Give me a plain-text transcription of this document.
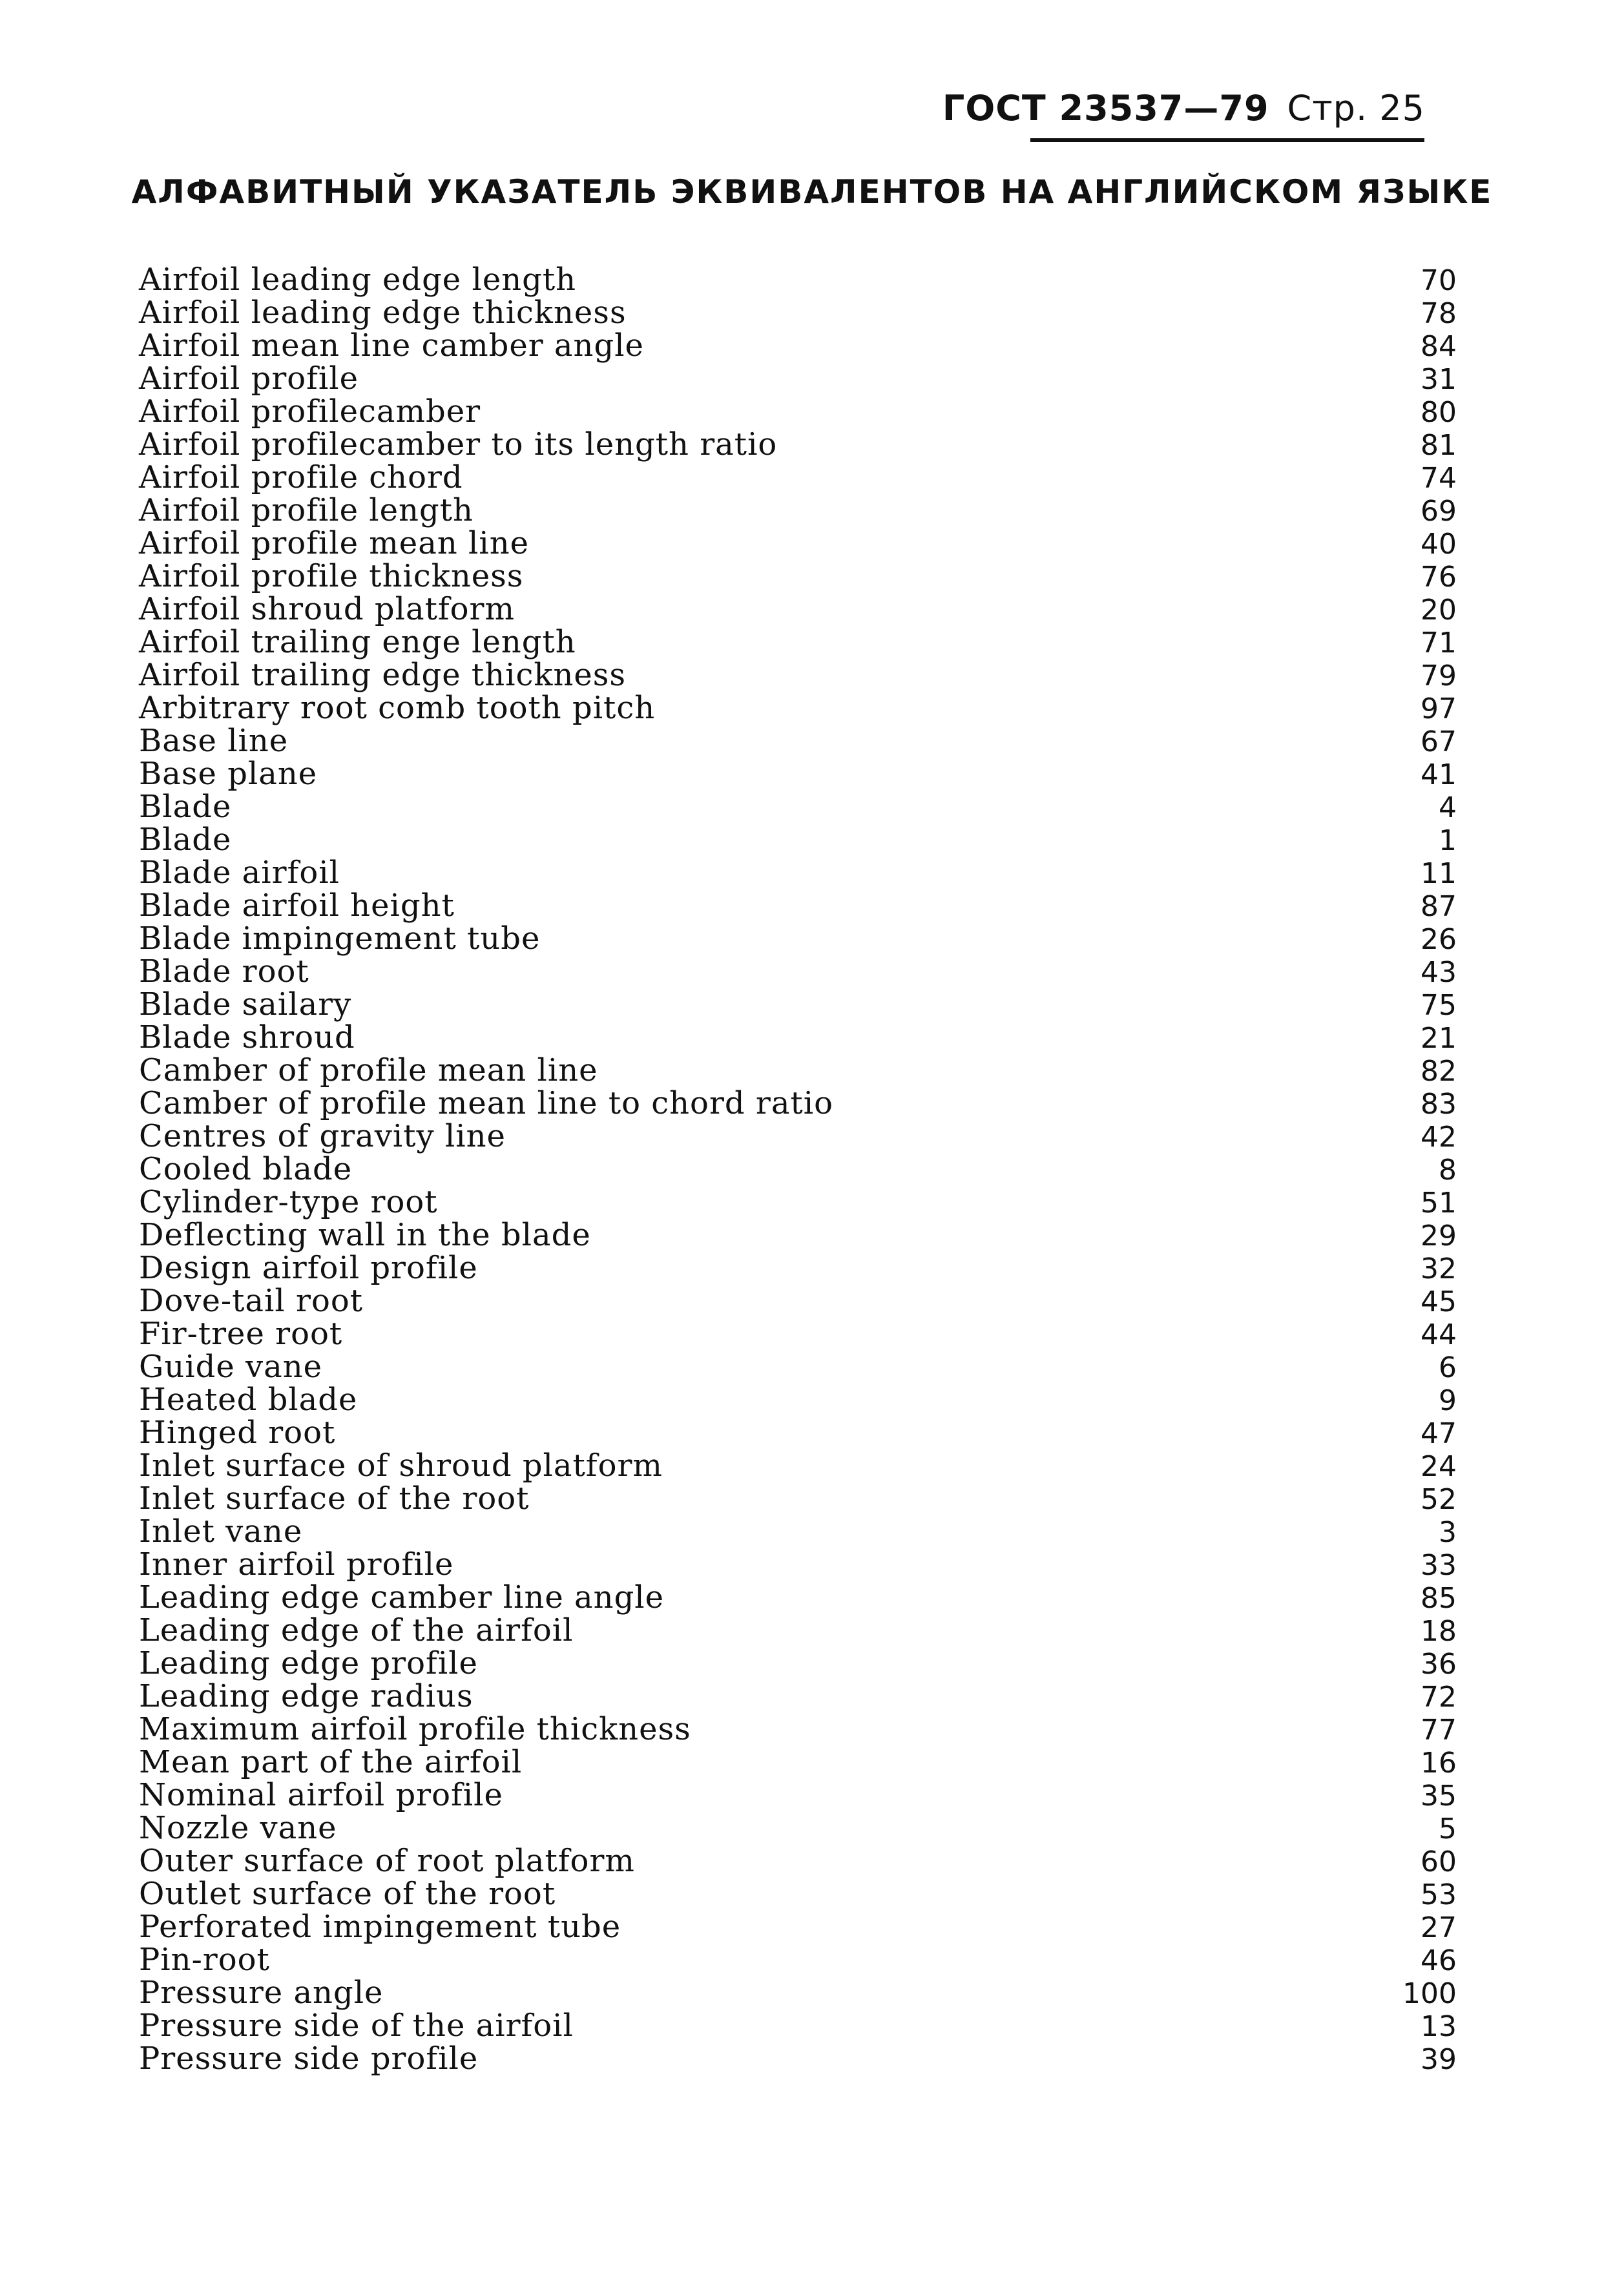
ГОСТ 23537—79 Стр. 25
АЛФАВИТНЫЙ УКАЗАТЕЛЬ ЭКВИВАЛЕНТОВ НА АНГЛИЙСКОМ ЯЗЫКЕ
Airfoil leading edge length	70
Airfoil leading edge thickness	78
Airfoil mean line camber angle	84
Airfoil profile	31
Airfoil profilecamber	80
Airfoil profilecamber to its length ratio	81
Airfoil profile chord	74
Airfoil profile length	69
Airfoil profile mean line	40
Airfoil profile thickness	76
Airfoil shroud platform	20
Airfoil trailing enge length	71
Airfoil trailing edge thickness	79
Arbitrary root comb tooth pitch	97
Base line	67
Base plane	41
Blade	4
Blade	1
Blade airfoil	11
Blade airfoil height	87
Blade impingement tube	26
Blade root	43
Blade sailary	75
Blade shroud	21
Camber of profile mean line	82
Camber of profile mean line to chord ratio	83
Centres of gravity line	42
Cooled blade	8
Cylinder-type root	51
Deflecting wall in the blade	29
Design airfoil profile	32
Dove-tail root	45
Fir-tree root	44
Guide vane	6
Heated blade	9
Hinged root	47
Inlet surface of shroud platform	24
Inlet surface of the root	52
Inlet vane	3
Inner airfoil profile	33
Leading edge camber line angle	85
Leading edge of the airfoil	18
Leading edge profile	36
Leading edge radius	72
Maximum airfoil profile thickness	77
Mean part of the airfoil	16
Nominal airfoil profile	35
Nozzle vane	5
Outer surface of root platform	60
Outlet surface of the root	53
Perforated impingement tube	27
Pin-root	46
Pressure angle	100
Pressure side of the airfoil	13
Pressure side profile	39
